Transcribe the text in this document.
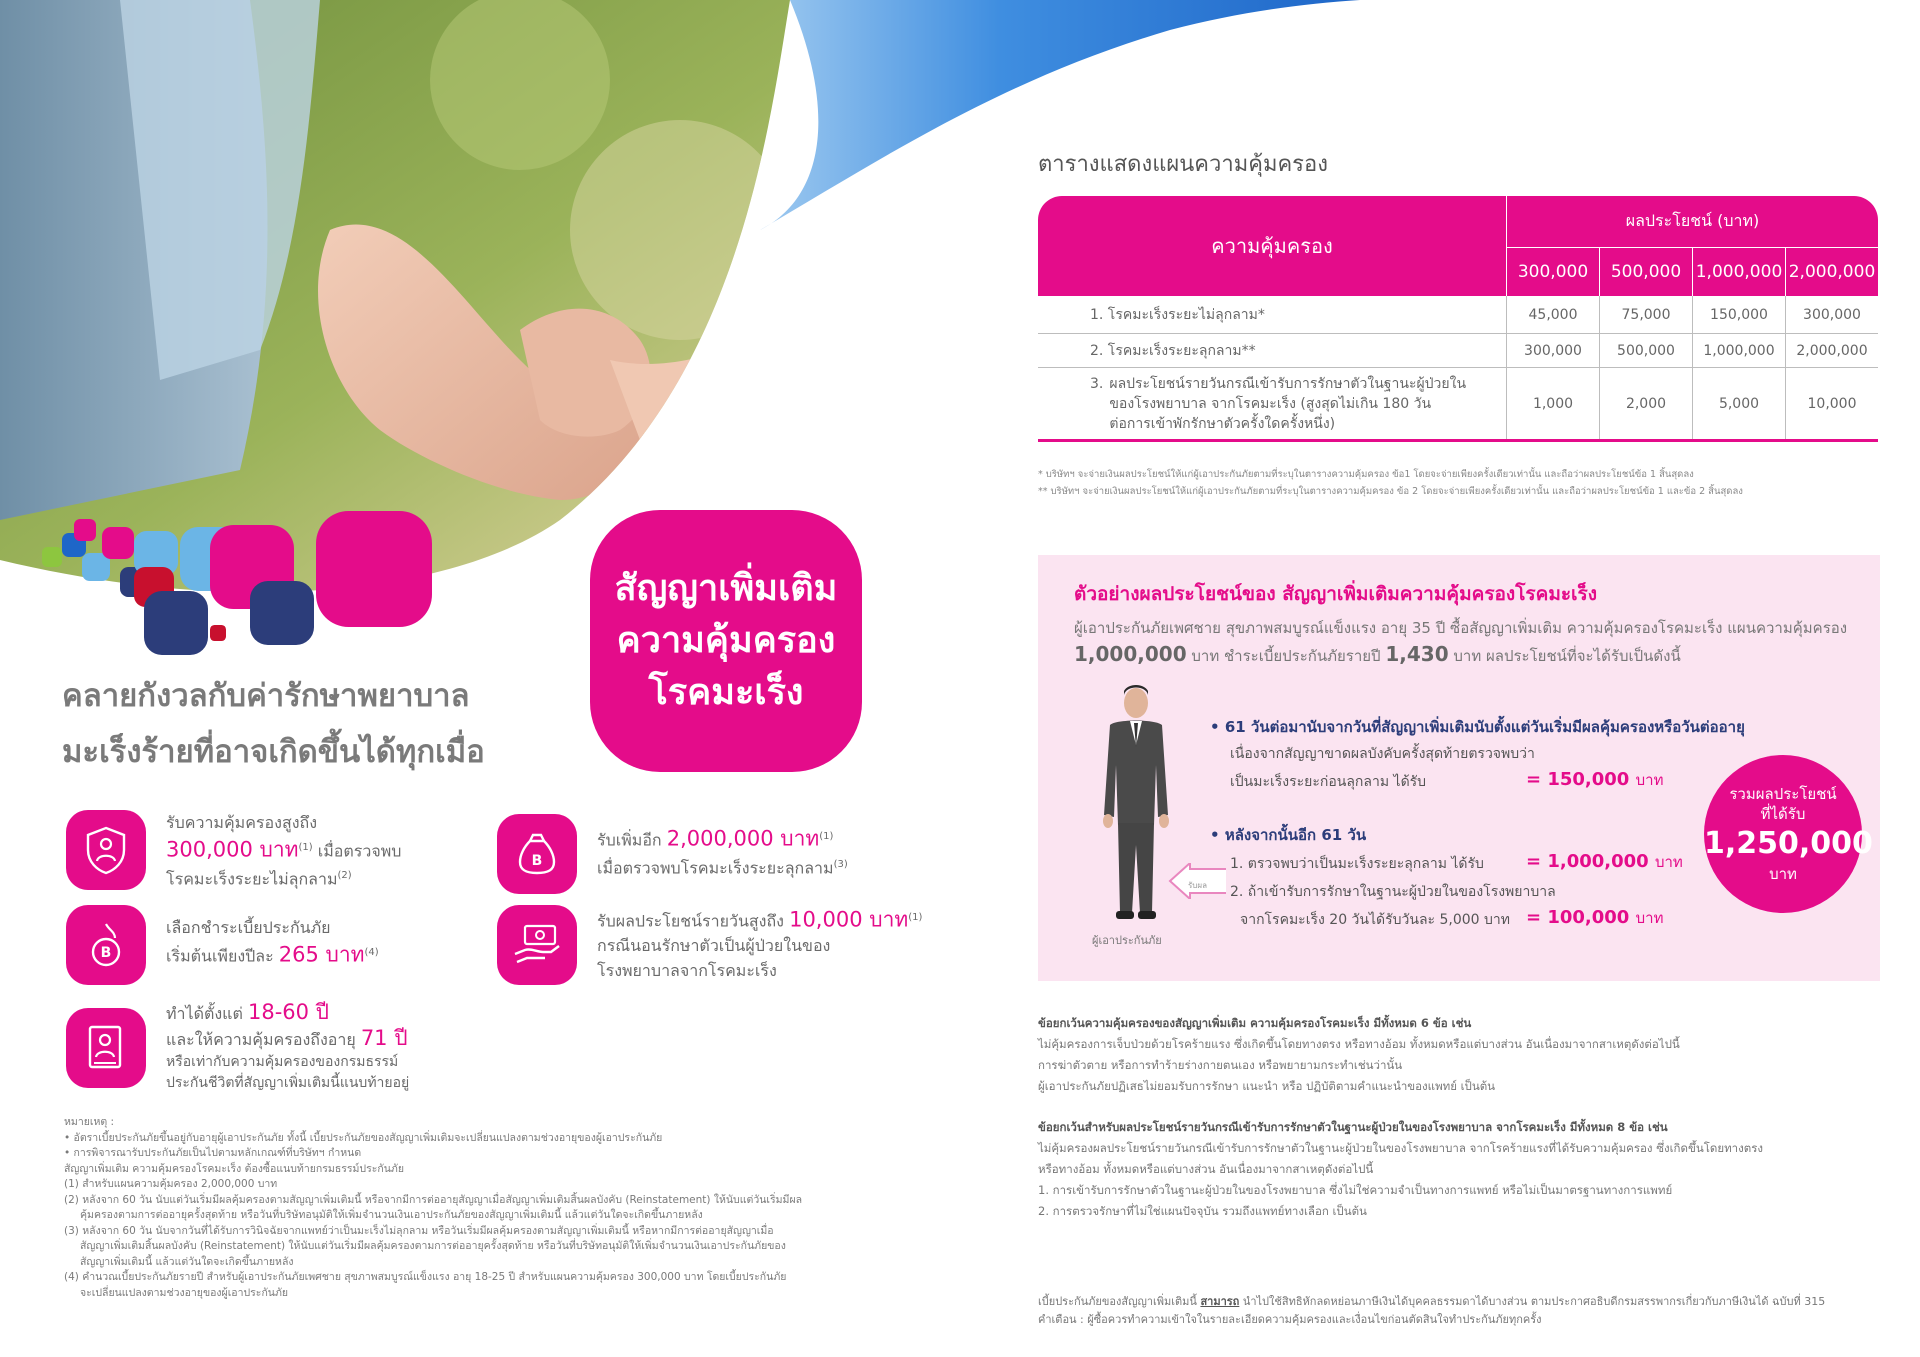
สัญญาเพิ่มเติม
ความคุ้มครอง
โรคมะเร็ง
คลายกังวลกับค่ารักษาพยาบาล
มะเร็งร้ายที่อาจเกิดขึ้นได้ทุกเมื่อ
รับความคุ้มครองสูงถึง
300,000 บาท$^{(1)}$ เมื่อตรวจพบ
โรคมะเร็งระยะไม่ลุกลาม$^{(2)}$
B
รับเพิ่มอีก 2,000,000 บาท$^{(1)}$
เมื่อตรวจพบโรคมะเร็งระยะลุกลาม$^{(3)}$
B
เลือกชำระเบี้ยประกันภัย
เริ่มต้นเพียงปีละ 265 บาท$^{(4)}$
รับผลประโยชน์รายวันสูงถึง 10,000 บาท$^{(1)}$
กรณีนอนรักษาตัวเป็นผู้ป่วยในของ
โรงพยาบาลจากโรคมะเร็ง
ทำได้ตั้งแต่ 18-60 ปี
และให้ความคุ้มครองถึงอายุ 71 ปี
หรือเท่ากับความคุ้มครองของกรมธรรม์
ประกันชีวิตที่สัญญาเพิ่มเติมนี้แนบท้ายอยู่
หมายเหตุ :
• อัตราเบี้ยประกันภัยขึ้นอยู่กับอายุผู้เอาประกันภัย ทั้งนี้ เบี้ยประกันภัยของสัญญาเพิ่มเติมจะเปลี่ยนแปลงตามช่วงอายุของผู้เอาประกันภัย
• การพิจารณารับประกันภัยเป็นไปตามหลักเกณฑ์ที่บริษัทฯ กำหนด
สัญญาเพิ่มเติม ความคุ้มครองโรคมะเร็ง ต้องซื้อแนบท้ายกรมธรรม์ประกันภัย
(1) สำหรับแผนความคุ้มครอง 2,000,000 บาท
(2) หลังจาก 60 วัน นับแต่วันเริ่มมีผลคุ้มครองตามสัญญาเพิ่มเติมนี้ หรือจากมีการต่ออายุสัญญาเมื่อสัญญาเพิ่มเติมสิ้นผลบังคับ (Reinstatement) ให้นับแต่วันเริ่มมีผล
คุ้มครองตามการต่ออายุครั้งสุดท้าย หรือวันที่บริษัทอนุมัติให้เพิ่มจำนวนเงินเอาประกันภัยของสัญญาเพิ่มเติมนี้ แล้วแต่วันใดจะเกิดขึ้นภายหลัง
(3) หลังจาก 60 วัน นับจากวันที่ได้รับการวินิจฉัยจากแพทย์ว่าเป็นมะเร็งไม่ลุกลาม หรือวันเริ่มมีผลคุ้มครองตามสัญญาเพิ่มเติมนี้ หรือหากมีการต่ออายุสัญญาเมื่อ
สัญญาเพิ่มเติมสิ้นผลบังคับ (Reinstatement) ให้นับแต่วันเริ่มมีผลคุ้มครองตามการต่ออายุครั้งสุดท้าย หรือวันที่บริษัทอนุมัติให้เพิ่มจำนวนเงินเอาประกันภัยของ
สัญญาเพิ่มเติมนี้ แล้วแต่วันใดจะเกิดขึ้นภายหลัง
(4) คำนวณเบี้ยประกันภัยรายปี สำหรับผู้เอาประกันภัยเพศชาย สุขภาพสมบูรณ์แข็งแรง อายุ 18-25 ปี สำหรับแผนความคุ้มครอง 300,000 บาท โดยเบี้ยประกันภัย
จะเปลี่ยนแปลงตามช่วงอายุของผู้เอาประกันภัย
ตารางแสดงแผนความคุ้มครอง
ความคุ้มครอง
ผลประโยชน์ (บาท)
300,000	500,000 1,000,000 2,000,000
1. โรคมะเร็งระยะไม่ลุกลาม*	45,000	75,000	150,000	300,000
2. โรคมะเร็งระยะลุกลาม**	300,000	500,000	1,000,000	2,000,000
3. ผลประโยชน์รายวันกรณีเข้ารับการรักษาตัวในฐานะผู้ป่วยใน
ของโรงพยาบาล จากโรคมะเร็ง (สูงสุดไม่เกิน 180 วัน
ต่อการเข้าพักรักษาตัวครั้งใดครั้งหนึ่ง)
1,000	2,000	5,000	10,000
* บริษัทฯ จะจ่ายเงินผลประโยชน์ให้แก่ผู้เอาประกันภัยตามที่ระบุในตารางความคุ้มครอง ข้อ1 โดยจะจ่ายเพียงครั้งเดียวเท่านั้น และถือว่าผลประโยชน์ข้อ 1 สิ้นสุดลง
** บริษัทฯ จะจ่ายเงินผลประโยชน์ให้แก่ผู้เอาประกันภัยตามที่ระบุในตารางความคุ้มครอง ข้อ 2 โดยจะจ่ายเพียงครั้งเดียวเท่านั้น และถือว่าผลประโยชน์ข้อ 1 และข้อ 2 สิ้นสุดลง
ตัวอย่างผลประโยชน์ของ สัญญาเพิ่มเติมความคุ้มครองโรคมะเร็ง
ผู้เอาประกันภัยเพศชาย สุขภาพสมบูรณ์แข็งแรง อายุ 35 ปี ซื้อสัญญาเพิ่มเติม ความคุ้มครองโรคมะเร็ง แผนความคุ้มครอง 1,000,000 บาท ชำระเบี้ยประกันภัยรายปี 1,430 บาท ผลประโยชน์ที่จะได้รับเป็นดังนี้
รับผล
ผู้เอาประกันภัย
• 61 วันต่อมานับจากวันที่สัญญาเพิ่มเติมนับตั้งแต่วันเริ่มมีผลคุ้มครองหรือวันต่ออายุ
เนื่องจากสัญญาขาดผลบังคับครั้งสุดท้ายตรวจพบว่า
เป็นมะเร็งระยะก่อนลุกลาม ได้รับ	= 150,000 บาท
• หลังจากนั้นอีก 61 วัน
1. ตรวจพบว่าเป็นมะเร็งระยะลุกลาม ได้รับ = 1,000,000 บาท
2. ถ้าเข้ารับการรักษาในฐานะผู้ป่วยในของโรงพยาบาล
จากโรคมะเร็ง 20 วันได้รับวันละ 5,000 บาท = 100,000 บาท
รวมผลประโยชน์
ที่ได้รับ
1,250,000
บาท
ข้อยกเว้นความคุ้มครองของสัญญาเพิ่มเติม ความคุ้มครองโรคมะเร็ง มีทั้งหมด 6 ข้อ เช่น
ไม่คุ้มครองการเจ็บป่วยด้วยโรคร้ายแรง ซึ่งเกิดขึ้นโดยทางตรง หรือทางอ้อม ทั้งหมดหรือแต่บางส่วน อันเนื่องมาจากสาเหตุดังต่อไปนี้
การฆ่าตัวตาย หรือการทำร้ายร่างกายตนเอง หรือพยายามกระทำเช่นว่านั้น
ผู้เอาประกันภัยปฏิเสธไม่ยอมรับการรักษา แนะนำ หรือ ปฏิบัติตามคำแนะนำของแพทย์ เป็นต้น
ข้อยกเว้นสำหรับผลประโยชน์รายวันกรณีเข้ารับการรักษาตัวในฐานะผู้ป่วยในของโรงพยาบาล จากโรคมะเร็ง มีทั้งหมด 8 ข้อ เช่น
ไม่คุ้มครองผลประโยชน์รายวันกรณีเข้ารับการรักษาตัวในฐานะผู้ป่วยในของโรงพยาบาล จากโรคร้ายแรงที่ได้รับความคุ้มครอง ซึ่งเกิดขึ้นโดยทางตรง
หรือทางอ้อม ทั้งหมดหรือแต่บางส่วน อันเนื่องมาจากสาเหตุดังต่อไปนี้
1. การเข้ารับการรักษาตัวในฐานะผู้ป่วยในของโรงพยาบาล ซึ่งไม่ใช่ความจำเป็นทางการแพทย์ หรือไม่เป็นมาตรฐานทางการแพทย์
2. การตรวจรักษาที่ไม่ใช่แผนปัจจุบัน รวมถึงแพทย์ทางเลือก เป็นต้น
เบี้ยประกันภัยของสัญญาเพิ่มเติมนี้ สามารถ นำไปใช้สิทธิหักลดหย่อนภาษีเงินได้บุคคลธรรมดาได้บางส่วน ตามประกาศอธิบดีกรมสรรพากรเกี่ยวกับภาษีเงินได้ ฉบับที่ 315
คำเตือน : ผู้ซื้อควรทำความเข้าใจในรายละเอียดความคุ้มครองและเงื่อนไขก่อนตัดสินใจทำประกันภัยทุกครั้ง
